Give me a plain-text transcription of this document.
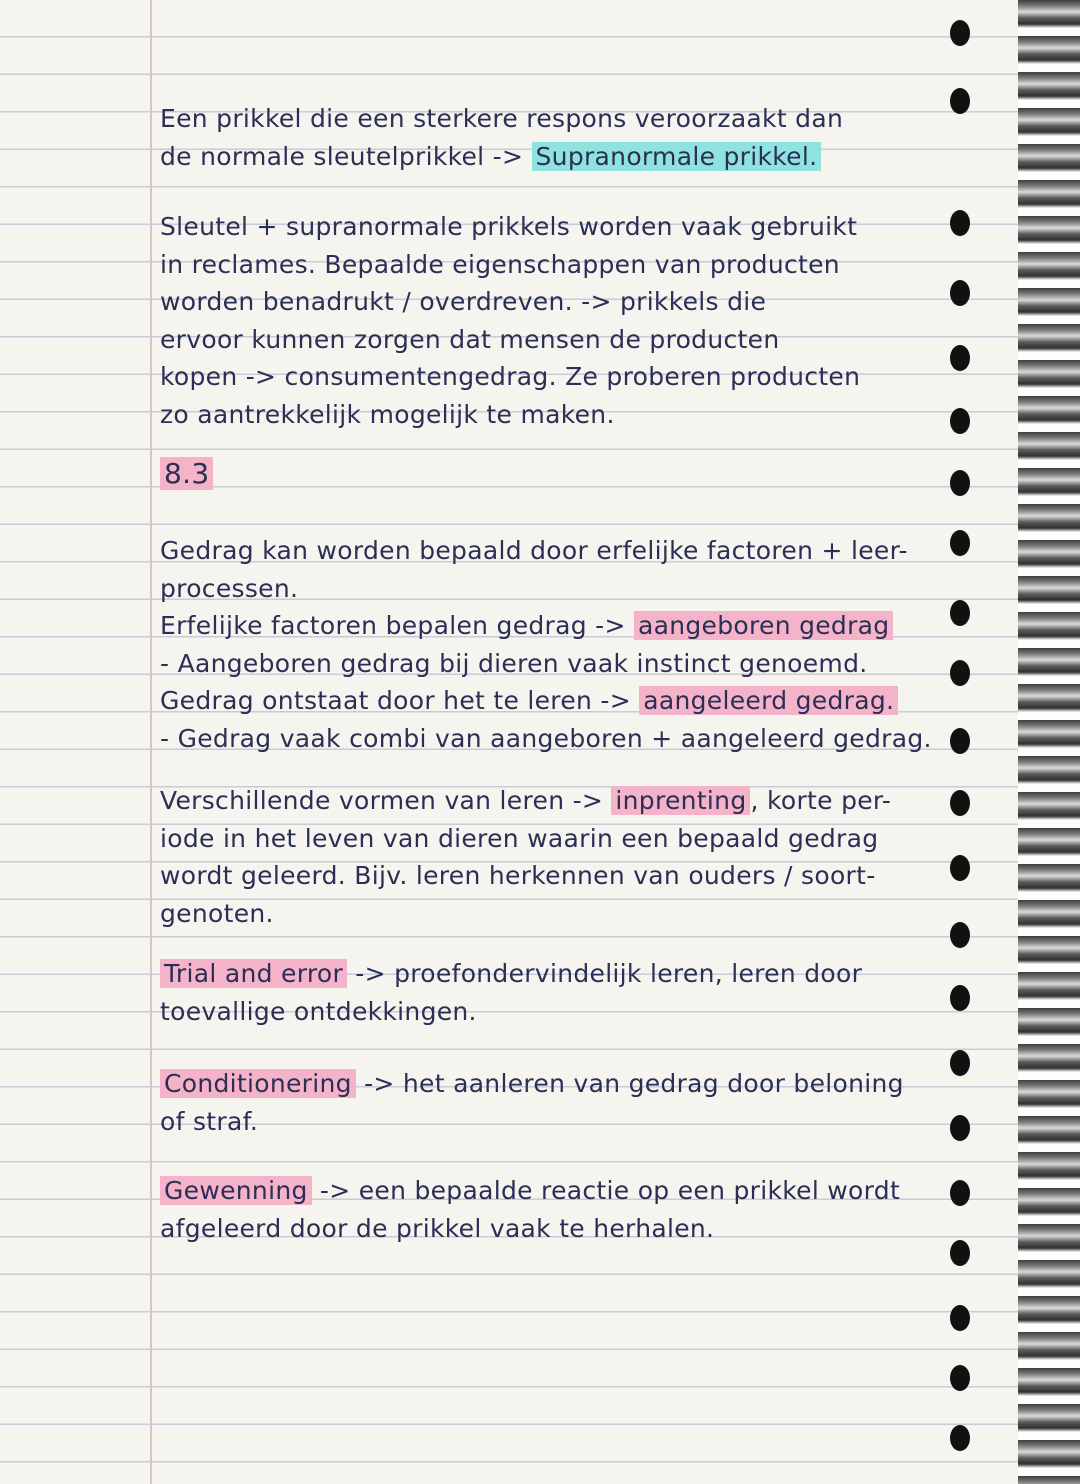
Een prikkel die een sterkere respons veroorzaakt dan
de normale sleutelprikkel -> Supranormale prikkel.
Sleutel + supranormale prikkels worden vaak gebruikt
in reclames. Bepaalde eigenschappen van producten
worden benadrukt / overdreven. -> prikkels die
ervoor kunnen zorgen dat mensen de producten
kopen -> consumentengedrag. Ze proberen producten
zo aantrekkelijk mogelijk te maken.
8.3
Gedrag kan worden bepaald door erfelijke factoren + leer-
processen.
Erfelijke factoren bepalen gedrag -> aangeboren gedrag
- Aangeboren gedrag bij dieren vaak instinct genoemd.
Gedrag ontstaat door het te leren -> aangeleerd gedrag.
- Gedrag vaak combi van aangeboren + aangeleerd gedrag.
Verschillende vormen van leren -> inprenting , korte per-
iode in het leven van dieren waarin een bepaald gedrag
wordt geleerd. Bijv. leren herkennen van ouders / soort-
genoten.
Trial and error -> proefondervindelijk leren, leren door
toevallige ontdekkingen.
Conditionering -> het aanleren van gedrag door beloning
of straf.
Gewenning -> een bepaalde reactie op een prikkel wordt
afgeleerd door de prikkel vaak te herhalen.
